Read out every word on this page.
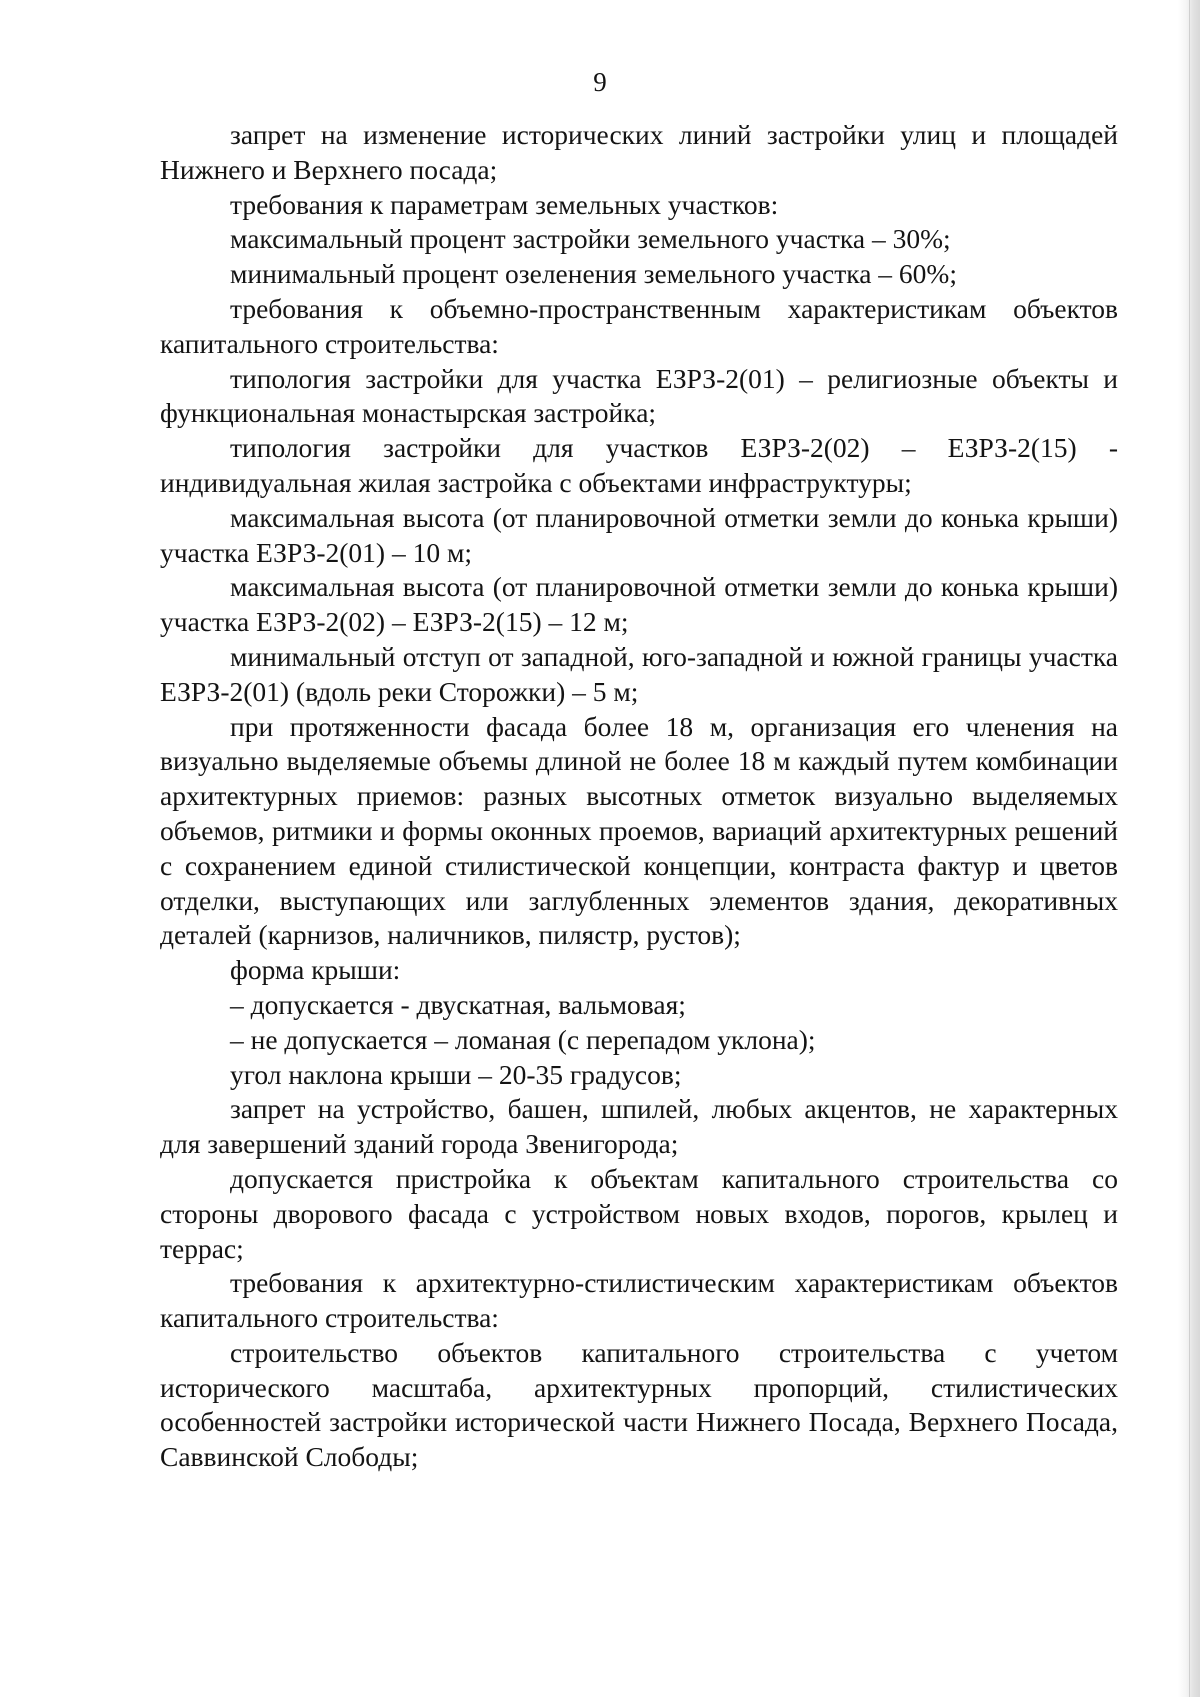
9

запрет на изменение исторических линий застройки улиц и площадей Нижнего и Верхнего посада;

требования к параметрам земельных участков:

максимальный процент застройки земельного участка – 30%;

минимальный процент озеленения земельного участка – 60%;

требования к объемно-пространственным характеристикам объектов капитального строительства:

типология застройки для участка ЕЗРЗ-2(01) – религиозные объекты и функциональная монастырская застройка;

типология застройки для участков ЕЗРЗ-2(02) – ЕЗРЗ-2(15) - индивидуальная жилая застройка с объектами инфраструктуры;

максимальная высота (от планировочной отметки земли до конька крыши) участка ЕЗРЗ-2(01) – 10 м;

максимальная высота (от планировочной отметки земли до конька крыши) участка ЕЗРЗ-2(02) – ЕЗРЗ-2(15) – 12 м;

минимальный отступ от западной, юго-западной и южной границы участка ЕЗРЗ-2(01) (вдоль реки Сторожки) – 5 м;

при протяженности фасада более 18 м, организация его членения на визуально выделяемые объемы длиной не более 18 м каждый путем комбинации архитектурных приемов: разных высотных отметок визуально выделяемых объемов, ритмики и формы оконных проемов, вариаций архитектурных решений с сохранением единой стилистической концепции, контраста фактур и цветов отделки, выступающих или заглубленных элементов здания, декоративных деталей (карнизов, наличников, пилястр, рустов);

форма крыши:

– допускается - двускатная, вальмовая;

– не допускается – ломаная (с перепадом уклона);

угол наклона крыши – 20-35 градусов;

запрет на устройство, башен, шпилей, любых акцентов, не характерных для завершений зданий города Звенигорода;

допускается пристройка к объектам капитального строительства со стороны дворового фасада с устройством новых входов, порогов, крылец и террас;

требования к архитектурно-стилистическим характеристикам объектов капитального строительства:

строительство объектов капитального строительства с учетом исторического масштаба, архитектурных пропорций, стилистических особенностей застройки исторической части Нижнего Посада, Верхнего Посада, Саввинской Слободы;
